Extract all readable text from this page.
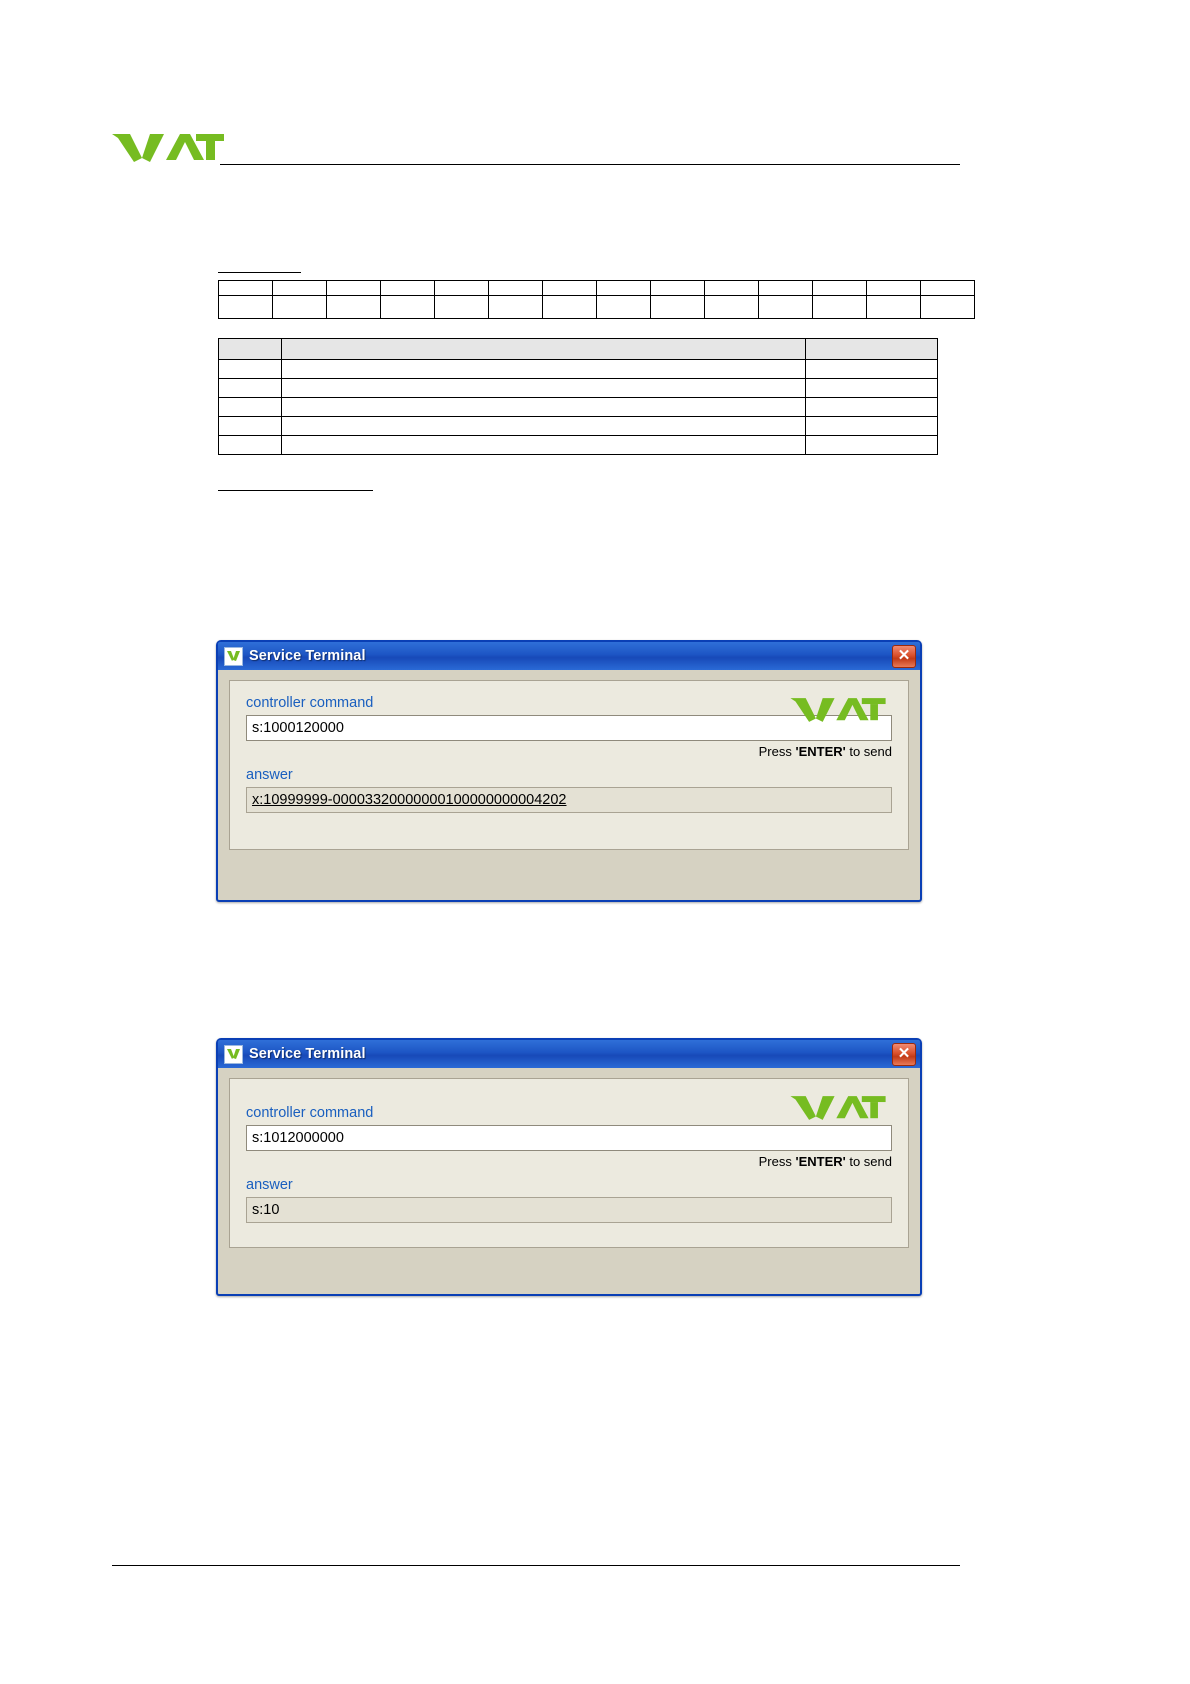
Service Terminal	✕
controller command
s:1000120000
Press 'ENTER' to send
answer
x:10999999-00003320000000100000000004202
Service Terminal	✕
controller command
s:1012000000
Press 'ENTER' to send
answer
s:10
